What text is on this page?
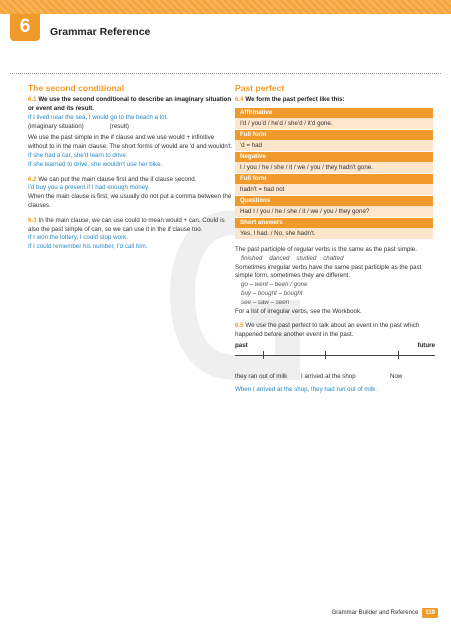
6	Grammar Reference
The second conditional

6.1 We use the second conditional to describe an imaginary situation or event and its result.

If I lived near the sea, I would go to the beach a lot.

(imaginary situation)	(result)

We use the past simple in the if clause and we use would + infinitive without to in the main clause. The short forms of would are 'd and wouldn't.

If she had a car, she'd learn to drive.

If she learned to drive, she wouldn't use her bike.

6.2 We can put the main clause first and the if clause second.

I'd buy you a present if I had enough money.

When the main clause is first, we usually do not put a comma between the clauses.

6.3 In the main clause, we can use could to mean would + can. Could is also the past simple of can, so we can use it in the if clause too.

If I won the lottery, I could stop work.

If I could remember his number, I'd call him.

Past perfect

6.4 We form the past perfect like this:

Affirmative
I'd / you'd / he'd / she'd / it'd gone.
Full form
'd = had
Negative
I / you / he / she / it / we / you / they hadn't gone.
Full form
hadn't = had not
Questions
Had I / you / he / she / it / we / you / they gone?
Short answers
Yes, I had. / No, she hadn't.

The past participle of regular verbs is the same as the past simple.

finished    danced    studied    chatted

Sometimes irregular verbs have the same past participle as the past simple form, sometimes they are different.

go – went – been / gone

buy – bought – bought

see – saw – seen

For a list of irregular verbs, see the Workbook.

6.5 We use the past perfect to talk about an event in the past which happened before another event in the past.

past	future
they ran out of milk I arrived at the shop	Now

When I arrived at the shop, they had run out of milk.

Grammar Builder and Reference	119
